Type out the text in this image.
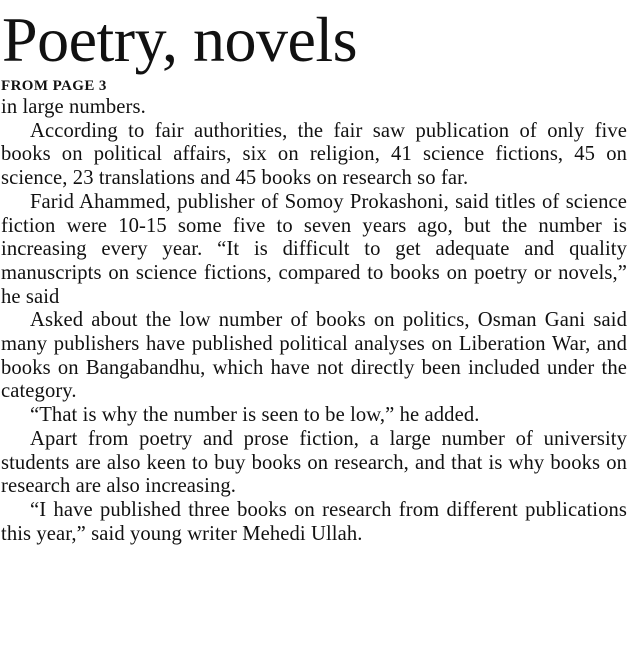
Poetry, novels
FROM PAGE 3

in large numbers.

According to fair authorities, the fair saw publication of only five books on political affairs, six on religion, 41 science fictions, 45 on science, 23 translations and 45 books on research so far.

Farid Ahammed, publisher of Somoy Prokashoni, said titles of science fiction were 10-15 some five to seven years ago, but the number is increasing every year. “It is difficult to get adequate and quality manuscripts on science fictions, compared to books on poetry or novels,” he said

Asked about the low number of books on politics, Osman Gani said many publishers have published political analyses on Liberation War, and books on Bangabandhu, which have not directly been included under the category.

“That is why the number is seen to be low,” he added.

Apart from poetry and prose fiction, a large number of university students are also keen to buy books on research, and that is why books on research are also increasing.

“I have published three books on research from different publications this year,” said young writer Mehedi Ullah.
